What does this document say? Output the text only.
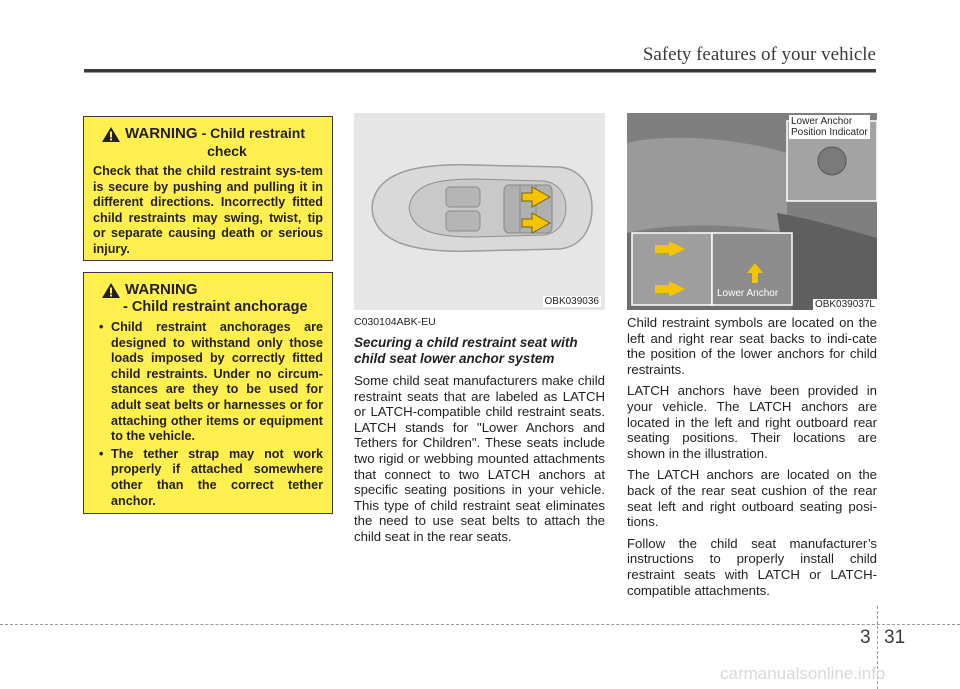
Safety features of your vehicle
WARNING - Child restraint
check
Check that the child restraint sys-tem is secure by pushing and pulling it in different directions. Incorrectly fitted child restraints may swing, twist, tip or separate causing death or serious injury.
WARNING
- Child restraint anchorage
• Child restraint anchorages are designed to withstand only those loads imposed by correctly fitted child restraints. Under no circum-stances are they to be used for adult seat belts or harnesses or for attaching other items or equipment to the vehicle.
• The tether strap may not work properly if attached somewhere other than the correct tether anchor.
OBK039036
Lower Anchor
Position Indicator
Lower Anchor
OBK039037L
C030104ABK-EU
Securing a child restraint seat with
child seat lower anchor system

Some child seat manufacturers make child restraint seats that are labeled as LATCH or LATCH-compatible child restraint seats. LATCH stands for "Lower Anchors and Tethers for Children". These seats include two rigid or webbing mounted attachments that connect to two LATCH anchors at specific seating positions in your vehicle. This type of child restraint seat eliminates the need to use seat belts to attach the child seat in the rear seats.

Child restraint symbols are located on the left and right rear seat backs to indi-cate the position of the lower anchors for child restraints.

LATCH anchors have been provided in your vehicle. The LATCH anchors are located in the left and right outboard rear seating positions. Their locations are shown in the illustration.

The LATCH anchors are located on the back of the rear seat cushion of the rear seat left and right outboard seating posi-tions.

Follow the child seat manufacturer’s instructions to properly install child restraint seats with LATCH or LATCH-compatible attachments.

3 31
carmanualsonline.info
